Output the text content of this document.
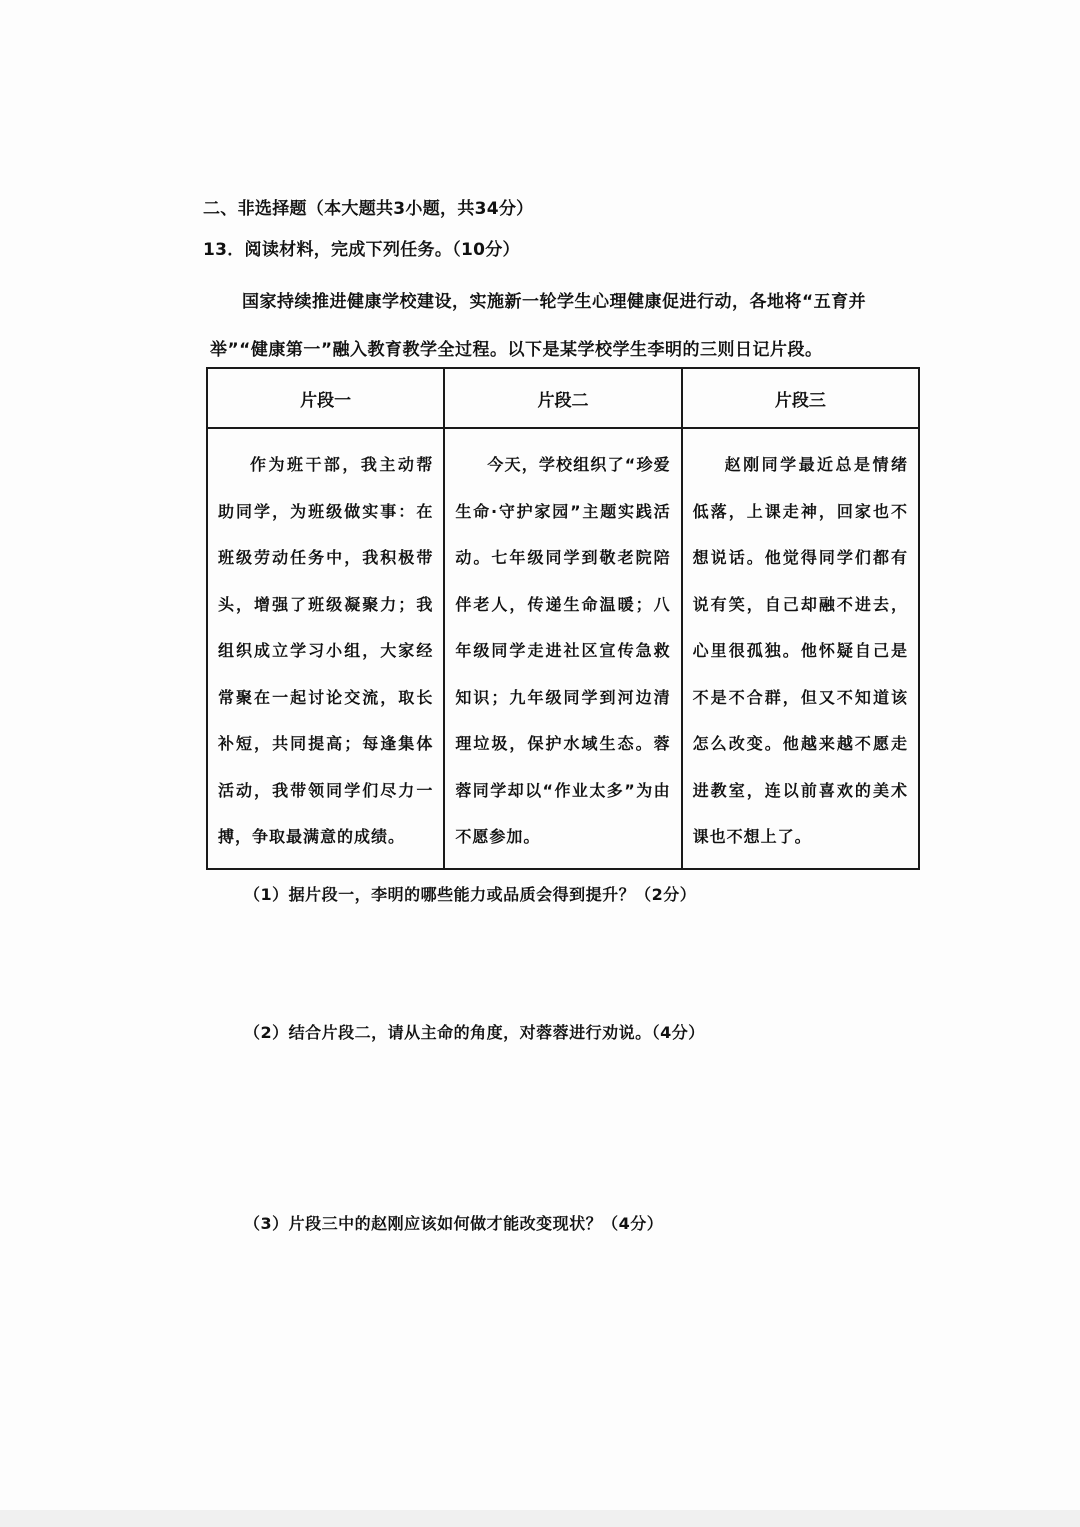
二、非选择题（本大题共3小题，共34分）
13．阅读材料，完成下列任务。（10分）
国家持续推进健康学校建设，实施新一轮学生心理健康促进行动，各地将“五育并举”“健康第一”融入教育教学全过程。以下是某学校学生李明的三则日记片段。
片段一	片段二	片段三
作为班干部，我主动帮助同学，为班级做实事：在班级劳动任务中，我积极带头，增强了班级凝聚力；我组织成立学习小组，大家经常聚在一起讨论交流，取长补短，共同提高；每逢集体活动，我带领同学们尽力一搏，争取最满意的成绩。	今天，学校组织了“珍爱生命·守护家园”主题实践活动。七年级同学到敬老院陪伴老人，传递生命温暖；八年级同学走进社区宣传急救知识；九年级同学到河边清理垃圾，保护水域生态。蓉蓉同学却以“作业太多”为由不愿参加。	赵刚同学最近总是情绪低落，上课走神，回家也不想说话。他觉得同学们都有说有笑，自己却融不进去，心里很孤独。他怀疑自己是不是不合群，但又不知道该怎么改变。他越来越不愿走进教室，连以前喜欢的美术课也不想上了。
（1）据片段一，李明的哪些能力或品质会得到提升？（2分）
（2）结合片段二，请从主命的角度，对蓉蓉进行劝说。（4分）
（3）片段三中的赵刚应该如何做才能改变现状？（4分）
